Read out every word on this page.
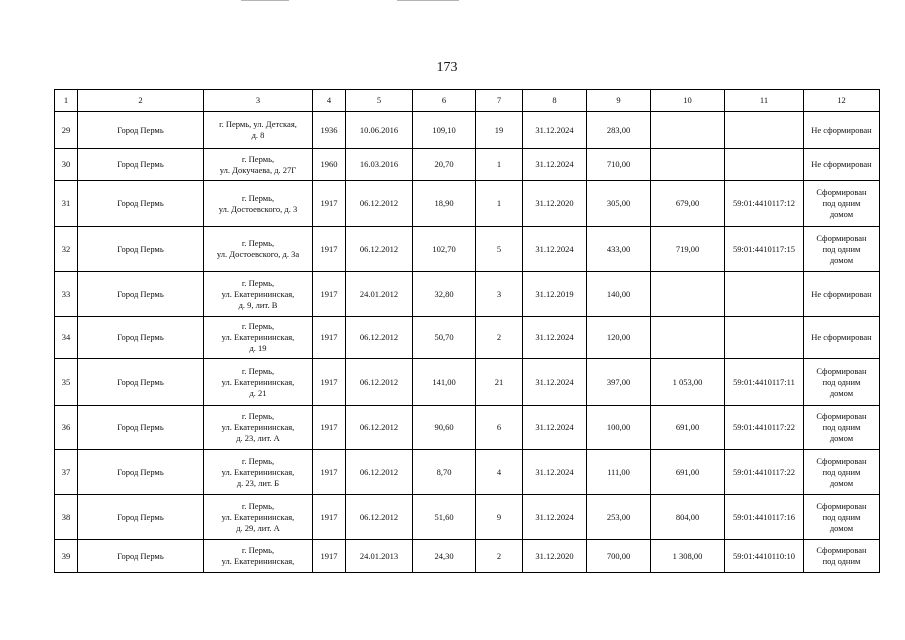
173
1	2	3	4	5	6	7	8	9	10	11	12

29	Город Пермь	г. Пермь, ул. Детская,
д. 8	1936	10.06.2016	109,10	19	31.12.2024	283,00			Не сформирован

30	Город Пермь	г. Пермь,
ул. Докучаева, д. 27Г	1960	16.03.2016	20,70	1	31.12.2024	710,00			Не сформирован

31	Город Пермь	г. Пермь,
ул. Достоевского, д. 3	1917	06.12.2012	18,90	1	31.12.2020	305,00	679,00	59:01:4410117:12	Сформирован
под одним
домом

32	Город Пермь	г. Пермь,
ул. Достоевского, д. 3а	1917	06.12.2012	102,70	5	31.12.2024	433,00	719,00	59:01:4410117:15	Сформирован
под одним
домом

33	Город Пермь	г. Пермь,
ул. Екатерининская,
д. 9, лит. В	1917	24.01.2012	32,80	3	31.12.2019	140,00			Не сформирован

34	Город Пермь	г. Пермь,
ул. Екатерининская,
д. 19	1917	06.12.2012	50,70	2	31.12.2024	120,00			Не сформирован

35	Город Пермь	г. Пермь,
ул. Екатерининская,
д. 21	1917	06.12.2012	141,00	21	31.12.2024	397,00	1 053,00	59:01:4410117:11	Сформирован
под одним
домом

36	Город Пермь	г. Пермь,
ул. Екатерининская,
д. 23, лит. А	1917	06.12.2012	90,60	6	31.12.2024	100,00	691,00	59:01:4410117:22	Сформирован
под одним
домом

37	Город Пермь	г. Пермь,
ул. Екатерининская,
д. 23, лит. Б	1917	06.12.2012	8,70	4	31.12.2024	111,00	691,00	59:01:4410117:22	Сформирован
под одним
домом

38	Город Пермь	г. Пермь,
ул. Екатерининская,
д. 29, лит. А	1917	06.12.2012	51,60	9	31.12.2024	253,00	804,00	59:01:4410117:16	Сформирован
под одним
домом

39	Город Пермь	г. Пермь,
ул. Екатерининская,	1917	24.01.2013	24,30	2	31.12.2020	700,00	1 308,00	59:01:4410110:10	Сформирован
под одним
